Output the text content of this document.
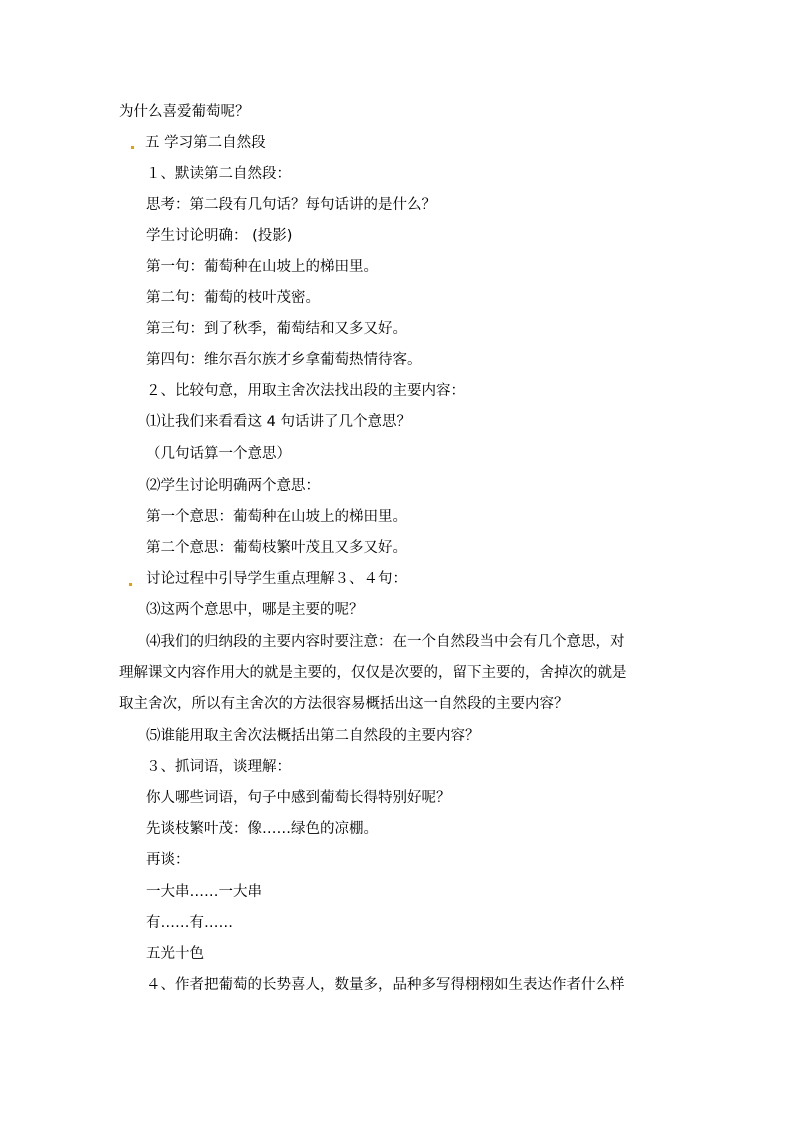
为什么喜爱葡萄呢？
五 学习第二自然段
１、默读第二自然段：
思考：第二段有几句话？每句话讲的是什么？
学生讨论明确： (投影)
第一句：葡萄种在山坡上的梯田里。
第二句：葡萄的枝叶茂密。
第三句：到了秋季，葡萄结和又多又好。
第四句：维尔吾尔族才乡拿葡萄热情待客。
２、比较句意，用取主舍次法找出段的主要内容：
⑴让我们来看看这 4 句话讲了几个意思？
（几句话算一个意思）
⑵学生讨论明确两个意思：
第一个意思：葡萄种在山坡上的梯田里。
第二个意思：葡萄枝繁叶茂且又多又好。
讨论过程中引导学生重点理解３、４句：
⑶这两个意思中，哪是主要的呢？
⑷我们的归纳段的主要内容时要注意：在一个自然段当中会有几个意思，对
理解课文内容作用大的就是主要的，仅仅是次要的，留下主要的，舍掉次的就是
取主舍次，所以有主舍次的方法很容易概括出这一自然段的主要内容？
⑸谁能用取主舍次法概括出第二自然段的主要内容？
３、抓词语，谈理解：
你人哪些词语，句子中感到葡萄长得特别好呢？
先谈枝繁叶茂：像……绿色的凉棚。
再谈：
一大串……一大串
有……有……
五光十色
４、作者把葡萄的长势喜人，数量多，品种多写得栩栩如生表达作者什么样
